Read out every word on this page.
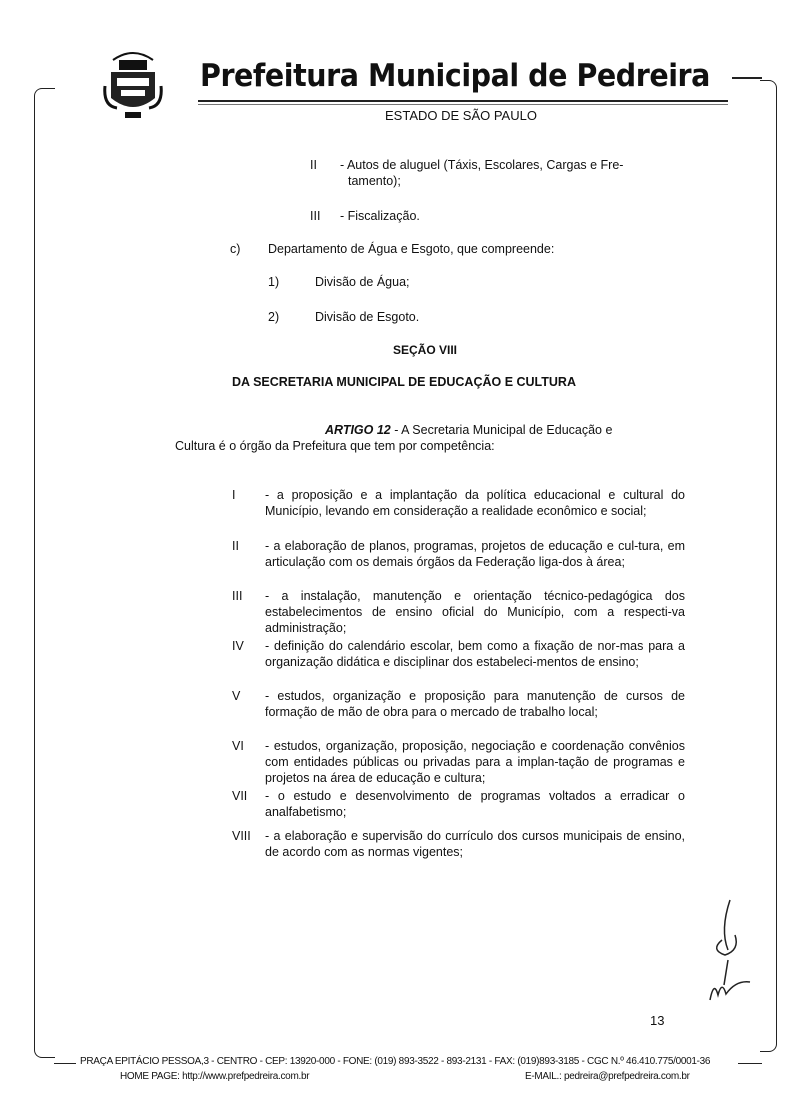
Prefeitura Municipal de Pedreira
ESTADO DE SÃO PAULO
II - Autos de aluguel (Táxis, Escolares, Cargas e Fre-
tamento);
III - Fiscalização.
c) Departamento de Água e Esgoto, que compreende:
1)	Divisão de Água;
2)	Divisão de Esgoto.
SEÇÃO VIII
DA SECRETARIA MUNICIPAL DE EDUCAÇÃO E CULTURA
ARTIGO 12 - A Secretaria Municipal de Educação e
Cultura é o órgão da Prefeitura que tem por competência:
I - a proposição e a implantação da política educacional e cultural do Município, levando em consideração a realidade econômico e social;
II - a elaboração de planos, programas, projetos de educação e cul-tura, em articulação com os demais órgãos da Federação liga-dos à área;
III - a instalação, manutenção e orientação técnico-pedagógica dos estabelecimentos de ensino oficial do Município, com a respecti-va administração;
IV - definição do calendário escolar, bem como a fixação de nor-mas para a organização didática e disciplinar dos estabeleci-mentos de ensino;
V - estudos, organização e proposição para manutenção de cursos de formação de mão de obra para o mercado de trabalho local;
VI - estudos, organização, proposição, negociação e coordenação convênios com entidades públicas ou privadas para a implan-tação de programas e projetos na área de educação e cultura;
VII - o estudo e desenvolvimento de programas voltados a erradicar o analfabetismo;
VIII - a elaboração e supervisão do currículo dos cursos municipais de ensino, de acordo com as normas vigentes;
13
PRAÇA EPITÁCIO PESSOA,3 - CENTRO - CEP: 13920-000 - FONE: (019) 893-3522 - 893-2131 - FAX: (019)893-3185 - CGC N.º 46.410.775/0001-36
HOME PAGE: http://www.prefpedreira.com.br	E-MAIL.: pedreira@prefpedreira.com.br
